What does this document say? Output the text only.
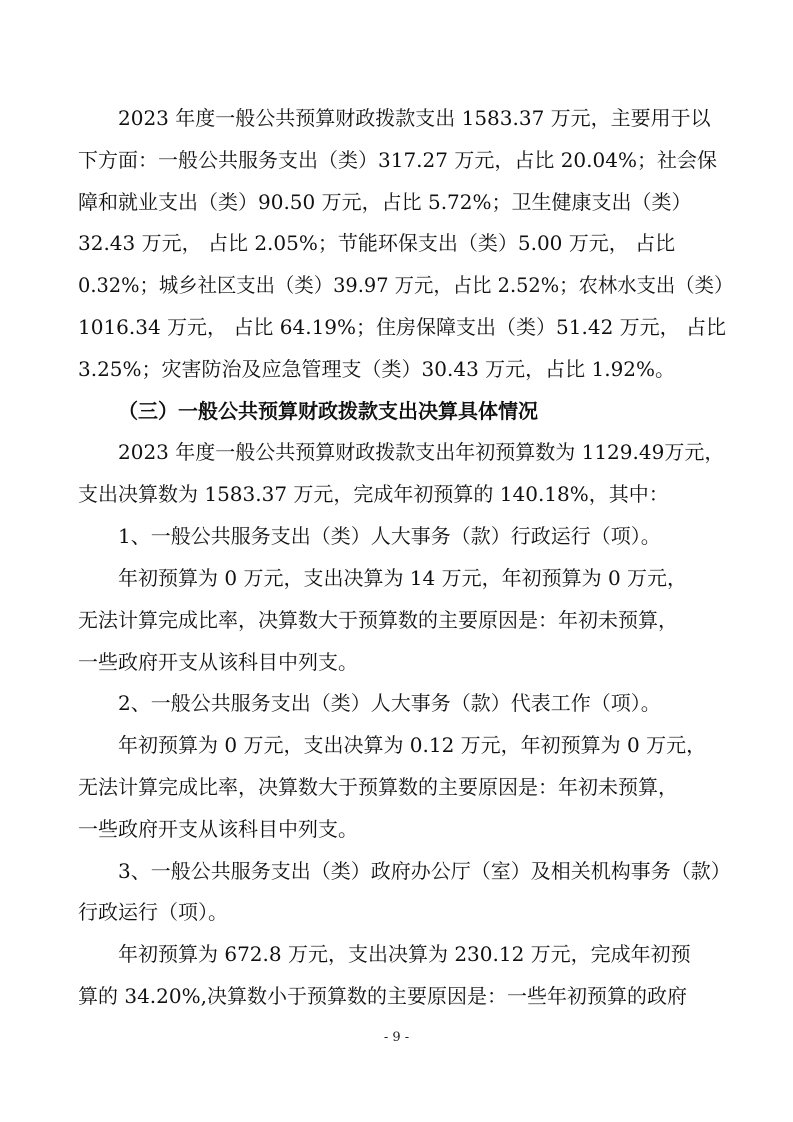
2023 年度一般公共预算财政拨款支出 1583.37 万元，主要用于以
下方面：一般公共服务支出（类）317.27 万元，占比 20.04%；社会保
障和就业支出（类）90.50 万元，占比 5.72%；卫生健康支出（类）
32.43 万元， 占比 2.05%；节能环保支出（类）5.00 万元， 占比
0.32%；城乡社区支出（类）39.97 万元，占比 2.52%；农林水支出（类）
1016.34 万元， 占比 64.19%；住房保障支出（类）51.42 万元， 占比
3.25%；灾害防治及应急管理支（类）30.43 万元，占比 1.92%。
（三）一般公共预算财政拨款支出决算具体情况
2023 年度一般公共预算财政拨款支出年初预算数为 1129.49万元，
支出决算数为 1583.37 万元，完成年初预算的 140.18%，其中：
1、一般公共服务支出（类）人大事务（款）行政运行（项）。
年初预算为 0 万元，支出决算为 14 万元，年初预算为 0 万元，
无法计算完成比率，决算数大于预算数的主要原因是：年初未预算，
一些政府开支从该科目中列支。
2、一般公共服务支出（类）人大事务（款）代表工作（项）。
年初预算为 0 万元，支出决算为 0.12 万元，年初预算为 0 万元，
无法计算完成比率，决算数大于预算数的主要原因是：年初未预算，
一些政府开支从该科目中列支。
3、一般公共服务支出（类）政府办公厅（室）及相关机构事务（款）
行政运行（项）。
年初预算为 672.8 万元，支出决算为 230.12 万元，完成年初预
算的 34.20%,决算数小于预算数的主要原因是：一些年初预算的政府
- 9 -
